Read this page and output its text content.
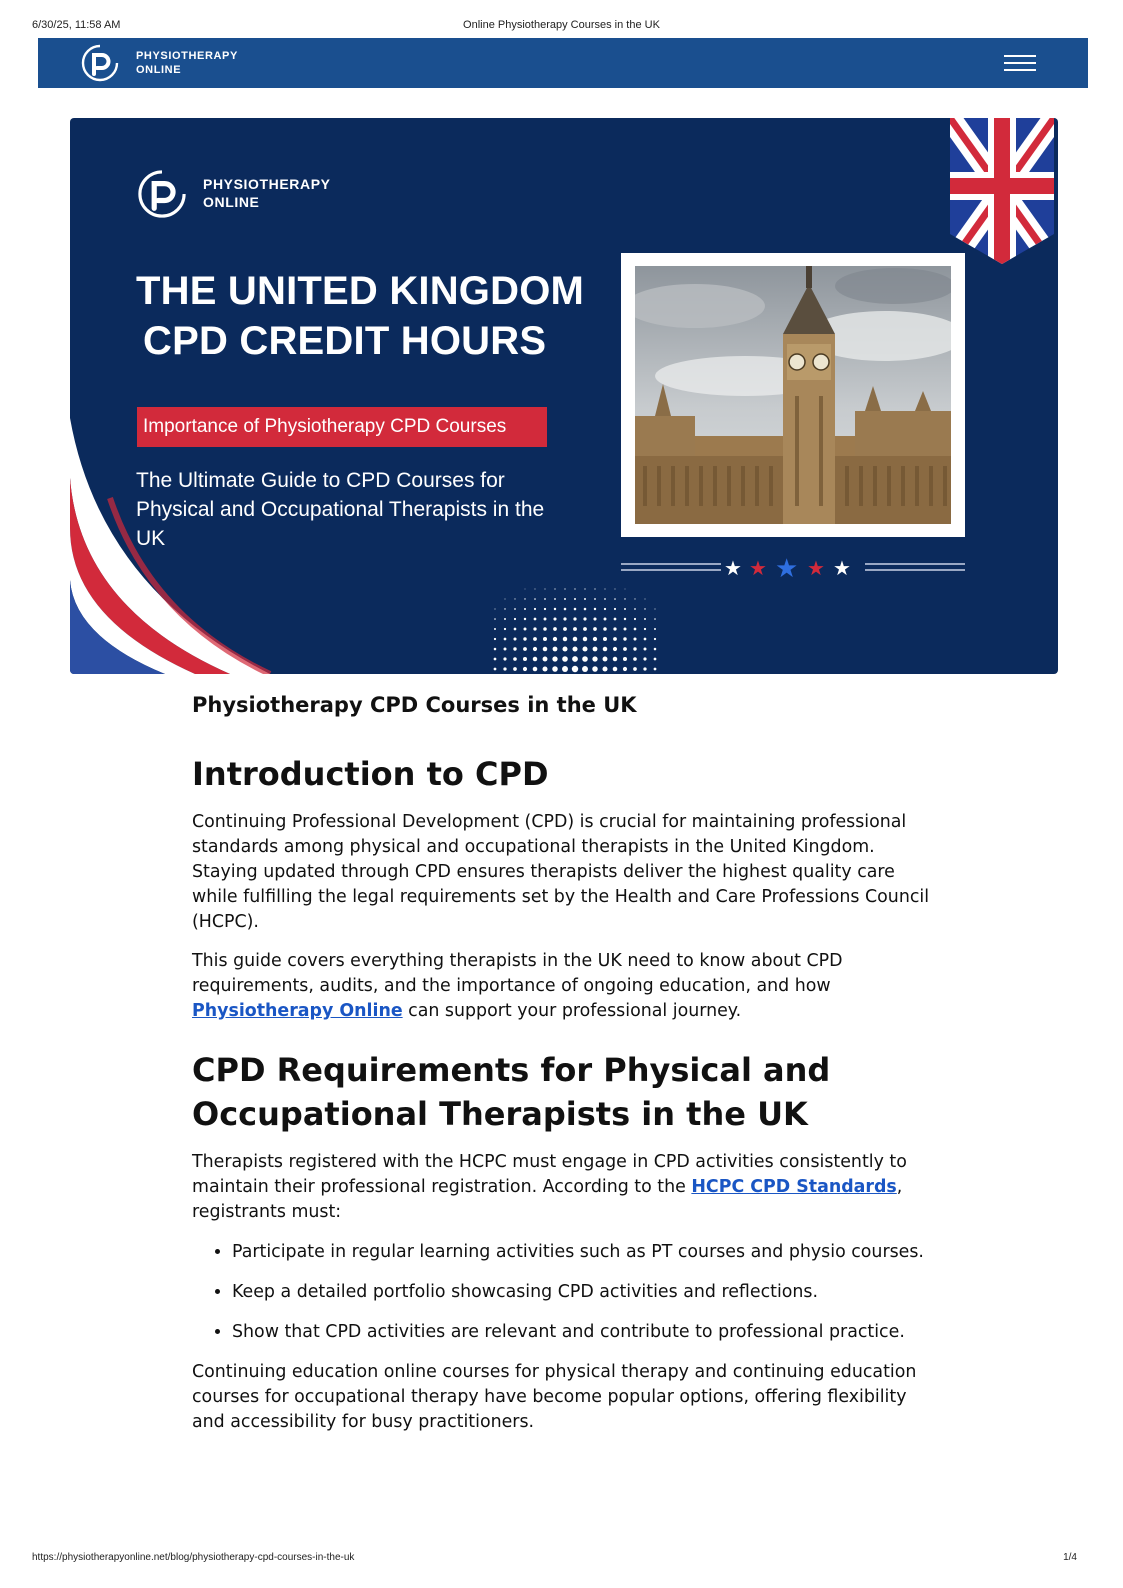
6/30/25, 11:58 AM	Online Physiotherapy Courses in the UK
PHYSIOTHERAPY
ONLINE
PHYSIOTHERAPY
ONLINE
THE UNITED KINGDOM
CPD CREDIT HOURS
Importance of Physiotherapy CPD Courses

The Ultimate Guide to CPD Courses for Physical and Occupational Therapists in the UK

★ ★ ★ ★ ★
Physiotherapy CPD Courses in the UK
Introduction to CPD

Continuing Professional Development (CPD) is crucial for maintaining professional standards among physical and occupational therapists in the United Kingdom. Staying updated through CPD ensures therapists deliver the highest quality care while fulfilling the legal requirements set by the Health and Care Professions Council (HCPC).

This guide covers everything therapists in the UK need to know about CPD requirements, audits, and the importance of ongoing education, and how Physiotherapy Online can support your professional journey.

CPD Requirements for Physical and Occupational Therapists in the UK

Therapists registered with the HCPC must engage in CPD activities consistently to maintain their professional registration. According to the HCPC CPD Standards, registrants must:

• Participate in regular learning activities such as PT courses and physio courses.
• Keep a detailed portfolio showcasing CPD activities and reflections.
• Show that CPD activities are relevant and contribute to professional practice.

Continuing education online courses for physical therapy and continuing education courses for occupational therapy have become popular options, offering flexibility and accessibility for busy practitioners.

https://physiotherapyonline.net/blog/physiotherapy-cpd-courses-in-the-uk	1/4
